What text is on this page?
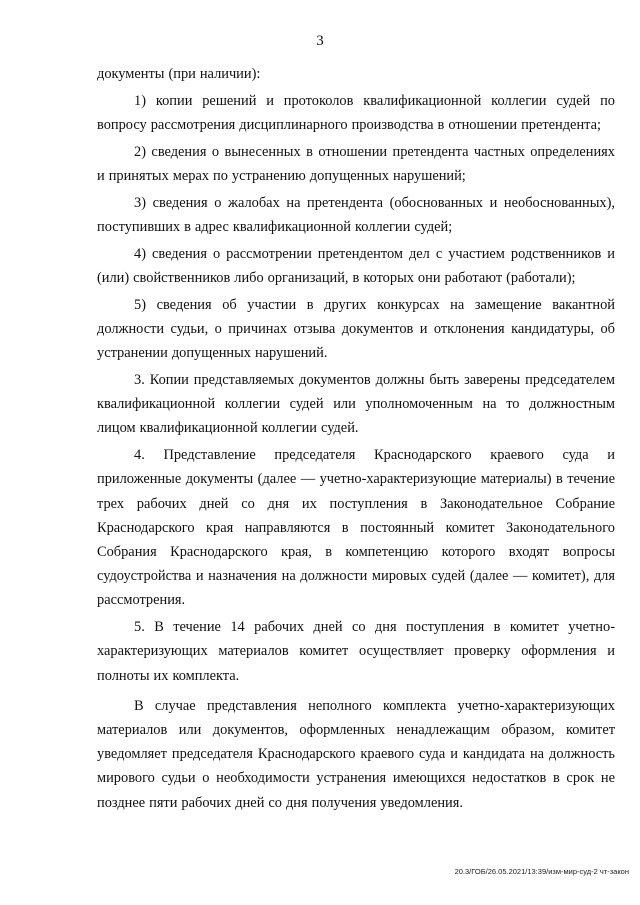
3

документы (при наличии):

1) копии решений и протоколов квалификационной коллегии судей по вопросу рассмотрения дисциплинарного производства в отношении претендента;

2) сведения о вынесенных в отношении претендента частных определениях и принятых мерах по устранению допущенных нарушений;

3) сведения о жалобах на претендента (обоснованных и необоснованных), поступивших в адрес квалификационной коллегии судей;

4) сведения о рассмотрении претендентом дел с участием родственников и (или) свойственников либо организаций, в которых они работают (работали);

5) сведения об участии в других конкурсах на замещение вакантной должности судьи, о причинах отзыва документов и отклонения кандидатуры, об устранении допущенных нарушений.

3. Копии представляемых документов должны быть заверены председателем квалификационной коллегии судей или уполномоченным на то должностным лицом квалификационной коллегии судей.

4. Представление председателя Краснодарского краевого суда и приложенные документы (далее — учетно-характеризующие материалы) в течение трех рабочих дней со дня их поступления в Законодательное Собрание Краснодарского края направляются в постоянный комитет Законодательного Собрания Краснодарского края, в компетенцию которого входят вопросы судоустройства и назначения на должности мировых судей (далее — комитет), для рассмотрения.

5. В течение 14 рабочих дней со дня поступления в комитет учетно-характеризующих материалов комитет осуществляет проверку оформления и полноты их комплекта.

В случае представления неполного комплекта учетно-характеризующих материалов или документов, оформленных ненадлежащим образом, комитет уведомляет председателя Краснодарского краевого суда и кандидата на должность мирового судьи о необходимости устранения имеющихся недостатков в срок не позднее пяти рабочих дней со дня получения уведомления.

20.3/ГОБ/26.05.2021/13:39/изм-мир-суд-2 чт-закон
